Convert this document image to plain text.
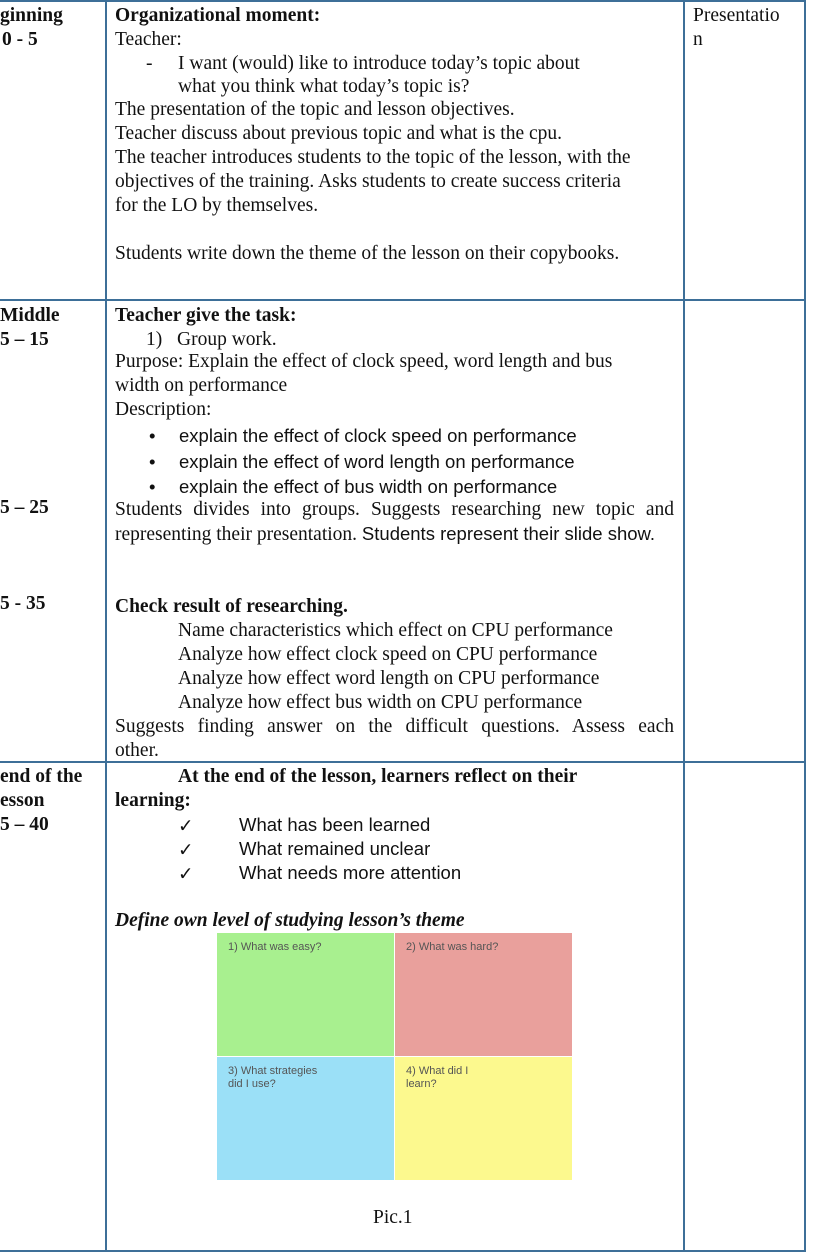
ginning
0 - 5
Organizational moment:
Teacher:
- I want (would) like to introduce today’s topic about
what you think what today’s topic is?
The presentation of the topic and lesson objectives.
Teacher discuss about previous topic and what is the cpu.
The teacher introduces students to the topic of the lesson, with the
objectives of the training. Asks students to create success criteria
for the LO by themselves.
Students write down the theme of the lesson on their copybooks.
Presentatio
n
Middle
5 – 15
5 – 25
5 - 35
Teacher give the task:
1) Group work.
Purpose: Explain the effect of clock speed, word length and bus
width on performance
Description:
• explain the effect of clock speed on performance
• explain the effect of word length on performance
• explain the effect of bus width on performance
Students divides into groups. Suggests researching new topic and
representing their presentation. Students represent their slide show.
Check result of researching.
Name characteristics which effect on CPU performance
Analyze how effect clock speed on CPU performance
Analyze how effect word length on CPU performance
Analyze how effect bus width on CPU performance
Suggests finding answer on the difficult questions. Assess each
other.
end of the
esson
5 – 40
At the end of the lesson, learners reflect on their
learning:
✓ What has been learned
✓ What remained unclear
✓ What needs more attention
Define own level of studying lesson’s theme
1) What was easy?	2) What was hard?
3) What strategies
did I use?
4) What did I
learn?
Pic.1
